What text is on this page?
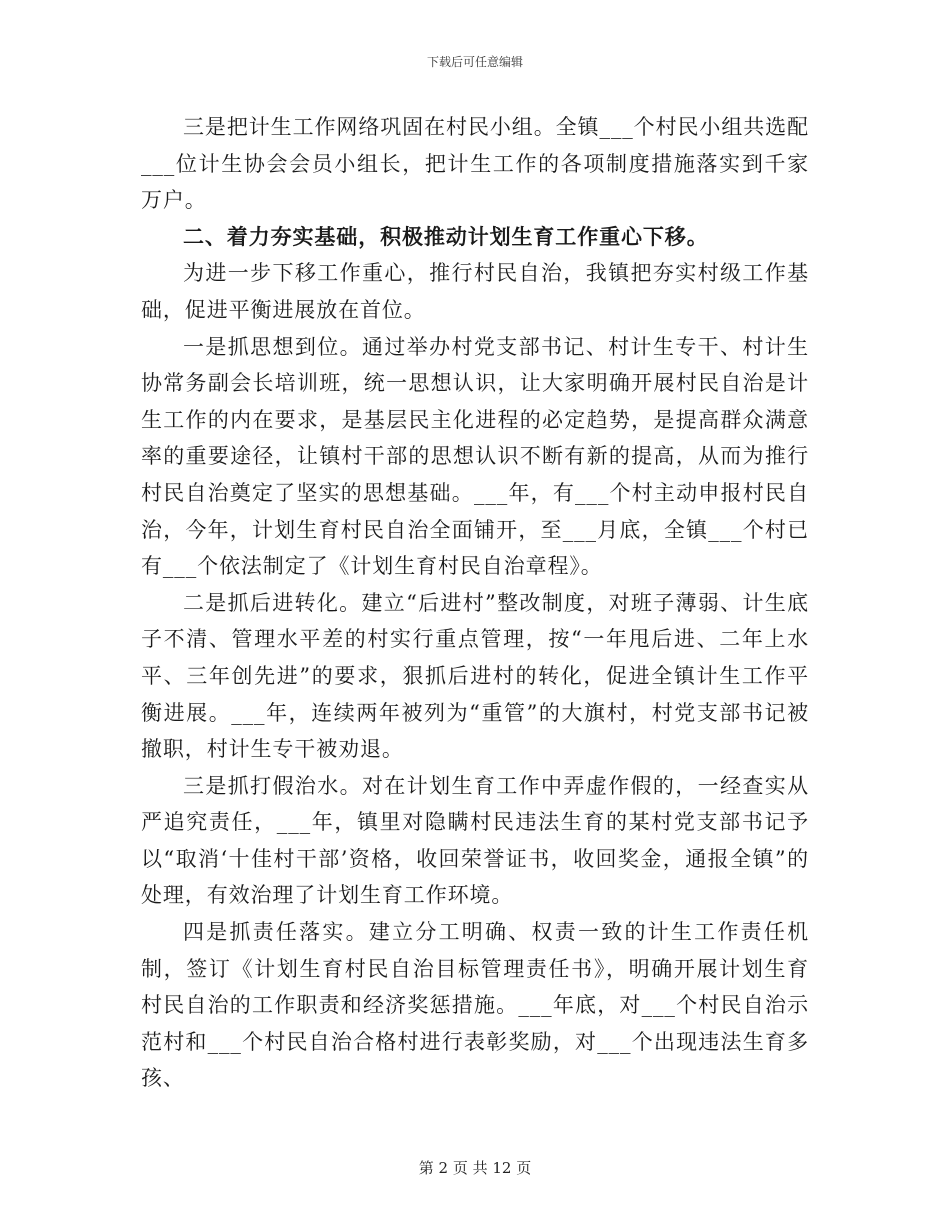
下载后可任意编辑

三是把计生工作网络巩固在村民小组。全镇___个村民小组共选配___位计生协会会员小组长，把计生工作的各项制度措施落实到千家万户。

二、着力夯实基础，积极推动计划生育工作重心下移。

为进一步下移工作重心，推行村民自治，我镇把夯实村级工作基础，促进平衡进展放在首位。

一是抓思想到位。通过举办村党支部书记、村计生专干、村计生协常务副会长培训班，统一思想认识，让大家明确开展村民自治是计生工作的内在要求，是基层民主化进程的必定趋势，是提高群众满意率的重要途径，让镇村干部的思想认识不断有新的提高，从而为推行村民自治奠定了坚实的思想基础。___年，有___个村主动申报村民自治，今年，计划生育村民自治全面铺开，至___月底，全镇___个村已有___个依法制定了《计划生育村民自治章程》。

二是抓后进转化。建立“后进村”整改制度，对班子薄弱、计生底子不清、管理水平差的村实行重点管理，按“一年甩后进、二年上水平、三年创先进”的要求，狠抓后进村的转化，促进全镇计生工作平衡进展。___年，连续两年被列为“重管”的大旗村，村党支部书记被撤职，村计生专干被劝退。

三是抓打假治水。对在计划生育工作中弄虚作假的，一经查实从严追究责任，___年，镇里对隐瞒村民违法生育的某村党支部书记予以“取消‘十佳村干部’资格，收回荣誉证书，收回奖金，通报全镇”的处理，有效治理了计划生育工作环境。

四是抓责任落实。建立分工明确、权责一致的计生工作责任机制，签订《计划生育村民自治目标管理责任书》，明确开展计划生育村民自治的工作职责和经济奖惩措施。___年底，对___个村民自治示范村和___个村民自治合格村进行表彰奖励，对___个出现违法生育多孩、

第 2 页 共 12 页
